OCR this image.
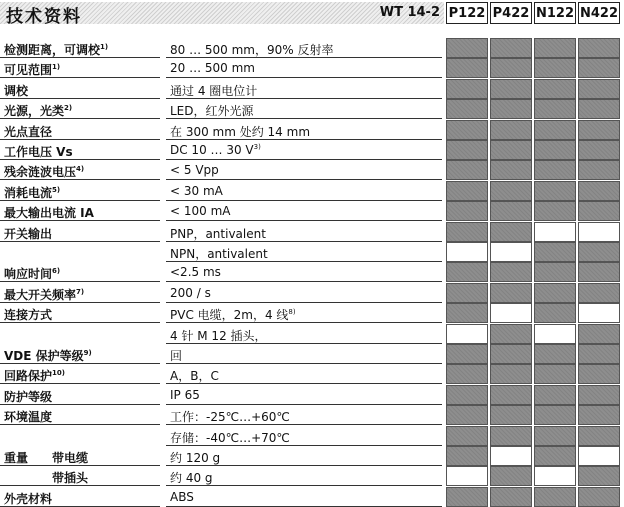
技术资料	WT 14-2 P122 P422 N122 N422
检测距离，可调校$^{1)}$	80 … 500 mm，90% 反射率
可见范围$^{1)}$	20 … 500 mm
调校	通过 4 圈电位计
光源，光类$^{2)}$	LED，红外光源
光点直径	在 300 mm 处约 14 mm
工作电压 Vs	DC 10 … 30 $V^{3)}$
残余涟波电压$^{4)}$	< 5 Vpp
消耗电流$^{5)}$	< 30 mA
最大输出电流 IA	< 100 mA
开关输出	PNP，antivalent
NPN，antivalent
响应时间$^{6)}$	<2.5 ms
最大开关频率$^{7)}$	200 / s
连接方式	PVC 电缆，2m，4 线$^{8)}$
4 针 M 12 插头，
VDE 保护等级$^{9)}$	回
回路保护$^{10)}$	A，B，C
防护等级	IP 65
环境温度	工作：-25℃…+60℃
存储：-40℃…+70℃
重量　　带电缆	约 120 g
带插头	约 40 g
外壳材料	ABS
